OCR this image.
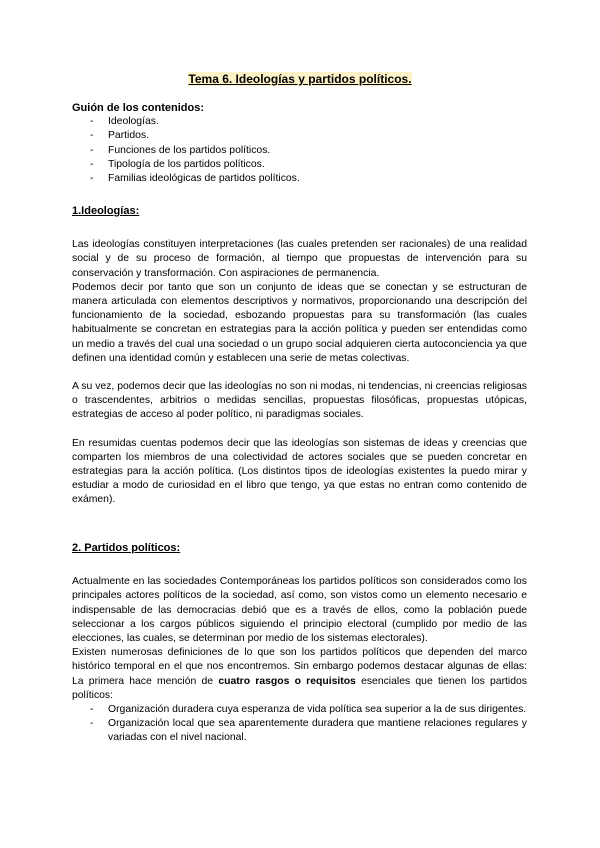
Tema 6. Ideologías y partidos políticos.
Guión de los contenidos:
- Ideologías.
- Partidos.
- Funciones de los partidos políticos.
- Tipología de los partidos políticos.
- Familias ideológicas de partidos políticos.
1.Ideologías:

Las ideologías constituyen interpretaciones (las cuales pretenden ser racionales) de una realidad social y de su proceso de formación, al tiempo que propuestas de intervención para su conservación y transformación. Con aspiraciones de permanencia.

Podemos decir por tanto que son un conjunto de ideas que se conectan y se estructuran de manera articulada con elementos descriptivos y normativos, proporcionando una descripción del funcionamiento de la sociedad, esbozando propuestas para su transformación (las cuales habitualmente se concretan en estrategias para la acción política y pueden ser entendidas como un medio a través del cual una sociedad o un grupo social adquieren cierta autoconciencia ya que definen una identidad común y establecen una serie de metas colectivas.

A su vez, podemos decir que las ideologías no son ni modas, ni tendencias, ni creencias religiosas o trascendentes, arbitrios o medidas sencillas, propuestas filosóficas, propuestas utópicas, estrategias de acceso al poder político, ni paradigmas sociales.

En resumidas cuentas podemos decir que las ideologías son sistemas de ideas y creencias que comparten los miembros de una colectividad de actores sociales que se pueden concretar en estrategias para la acción política. (Los distintos tipos de ideologías existentes la puedo mirar y estudiar a modo de curiosidad en el libro que tengo, ya que estas no entran como contenido de exámen).

2. Partidos políticos:

Actualmente en las sociedades Contemporáneas los partidos políticos son considerados como los principales actores políticos de la sociedad, así como, son vistos como un elemento necesario e indispensable de las democracias debió que es a través de ellos, como la población puede seleccionar a los cargos públicos siguiendo el principio electoral (cumplido por medio de las elecciones, las cuales, se determinan por medio de los sistemas electorales).

Existen numerosas definiciones de lo que son los partidos políticos que dependen del marco histórico temporal en el que nos encontremos. Sin embargo podemos destacar algunas de ellas: La primera hace mención de cuatro rasgos o requisitos esenciales que tienen los partidos políticos:

- Organización duradera cuya esperanza de vida política sea superior a la de sus dirigentes.
- Organización local que sea aparentemente duradera que mantiene relaciones regulares y variadas con el nivel nacional.
